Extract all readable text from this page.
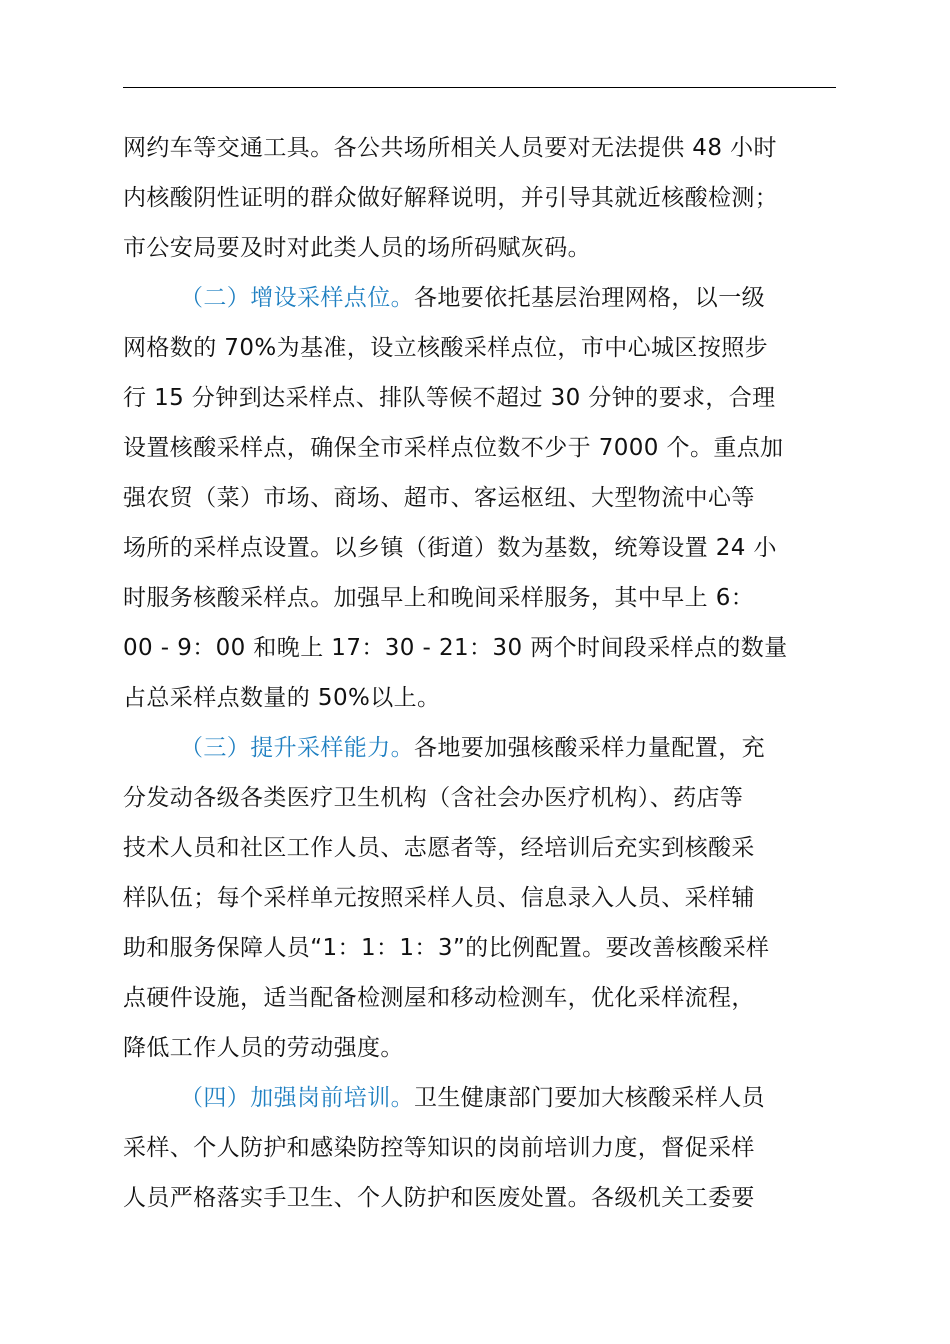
网约车等交通工具。各公共场所相关人员要对无法提供 48 小时
内核酸阴性证明的群众做好解释说明，并引导其就近核酸检测；
市公安局要及时对此类人员的场所码赋灰码。
（二）增设采样点位。各地要依托基层治理网格，以一级
网格数的 70%为基准，设立核酸采样点位，市中心城区按照步
行 15 分钟到达采样点、排队等候不超过 30 分钟的要求，合理
设置核酸采样点，确保全市采样点位数不少于 7000 个。重点加
强农贸（菜）市场、商场、超市、客运枢纽、大型物流中心等
场所的采样点设置。以乡镇（街道）数为基数，统筹设置 24 小
时服务核酸采样点。加强早上和晚间采样服务，其中早上 6：
00 - 9：00 和晚上 17：30 - 21：30 两个时间段采样点的数量
占总采样点数量的 50%以上。
（三）提升采样能力。各地要加强核酸采样力量配置，充
分发动各级各类医疗卫生机构（含社会办医疗机构）、药店等
技术人员和社区工作人员、志愿者等，经培训后充实到核酸采
样队伍；每个采样单元按照采样人员、信息录入人员、采样辅
助和服务保障人员“1：1：1：3”的比例配置。要改善核酸采样
点硬件设施，适当配备检测屋和移动检测车，优化采样流程，
降低工作人员的劳动强度。
（四）加强岗前培训。卫生健康部门要加大核酸采样人员
采样、个人防护和感染防控等知识的岗前培训力度，督促采样
人员严格落实手卫生、个人防护和医废处置。各级机关工委要
